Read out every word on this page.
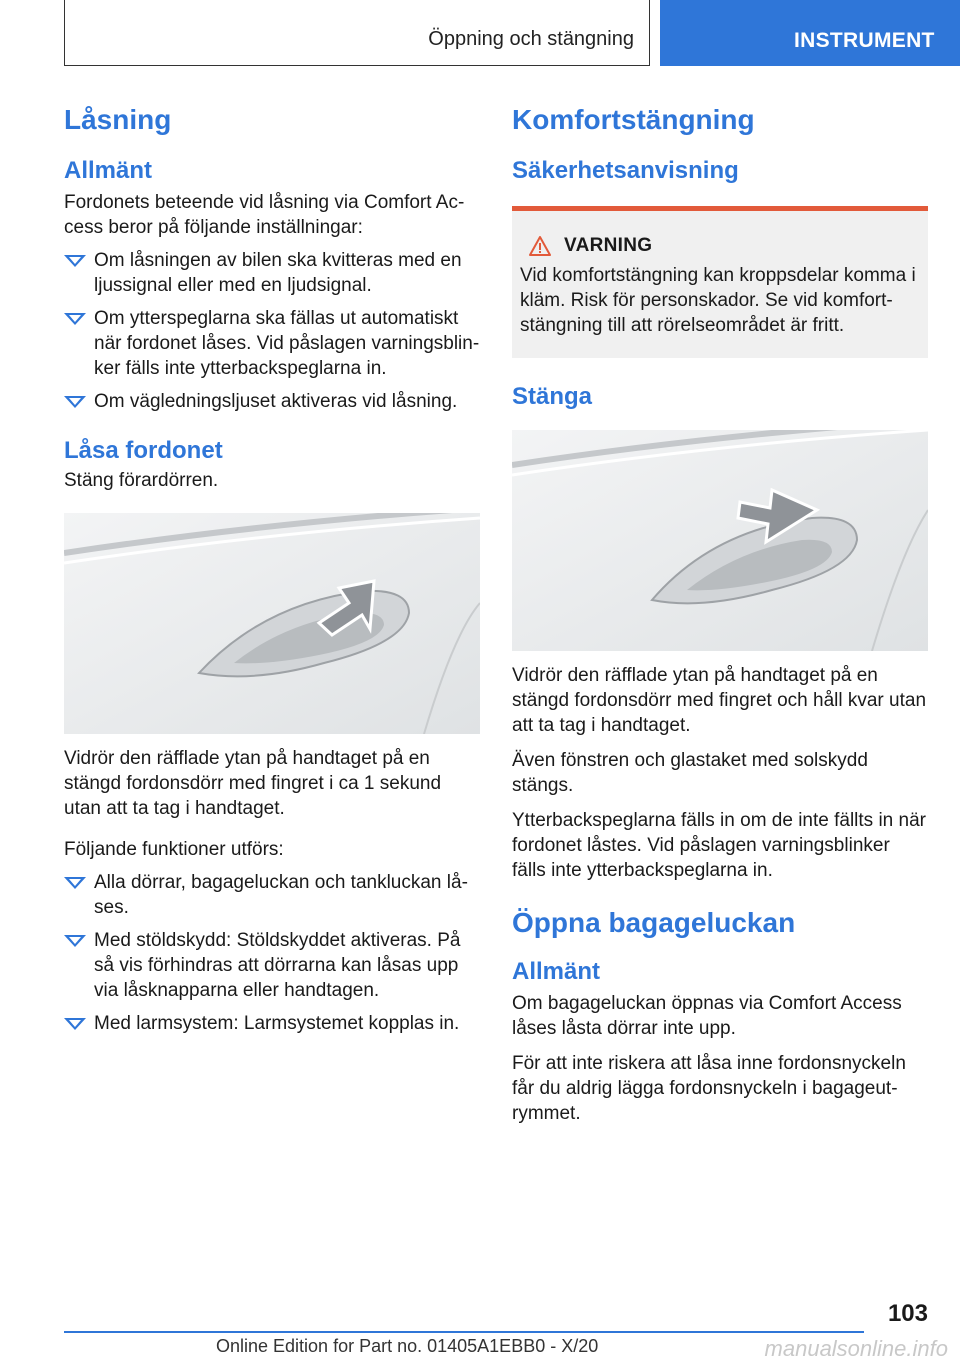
Öppning och stängning	INSTRUMENT
Låsning
Allmänt

Fordonets beteende vid låsning via Comfort Ac-cess beror på följande inställningar:

Om låsningen av bilen ska kvitteras med en ljussignal eller med en ljudsignal.
Om ytterspeglarna ska fällas ut automatiskt när fordonet låses. Vid påslagen varningsblin-ker fälls inte ytterbackspeglarna in.
Om vägledningsljuset aktiveras vid låsning.
Låsa fordonet

Stäng förardörren.

Vidrör den räfflade ytan på handtaget på en stängd fordonsdörr med fingret i ca 1 sekund utan att ta tag i handtaget.

Följande funktioner utförs:

Alla dörrar, bagageluckan och tankluckan lå-ses.
Med stöldskydd: Stöldskyddet aktiveras. På så vis förhindras att dörrarna kan låsas upp via låsknapparna eller handtagen.
Med larmsystem: Larmsystemet kopplas in.
Komfortstängning
Säkerhetsanvisning
VARNING

Vid komfortstängning kan kroppsdelar komma i kläm. Risk för personskador. Se vid komfort-stängning till att rörelseområdet är fritt.

Stänga

Vidrör den räfflade ytan på handtaget på en stängd fordonsdörr med fingret och håll kvar utan att ta tag i handtaget.

Även fönstren och glastaket med solskydd stängs.

Ytterbackspeglarna fälls in om de inte fällts in när fordonet låstes. Vid påslagen varningsblinker fälls inte ytterbackspeglarna in.

Öppna bagageluckan
Allmänt

Om bagageluckan öppnas via Comfort Access låses låsta dörrar inte upp.

För att inte riskera att låsa inne fordonsnyckeln får du aldrig lägga fordonsnyckeln i bagageut-rymmet.

103
Online Edition for Part no. 01405A1EBB0 - X/20	manualsonline.info
